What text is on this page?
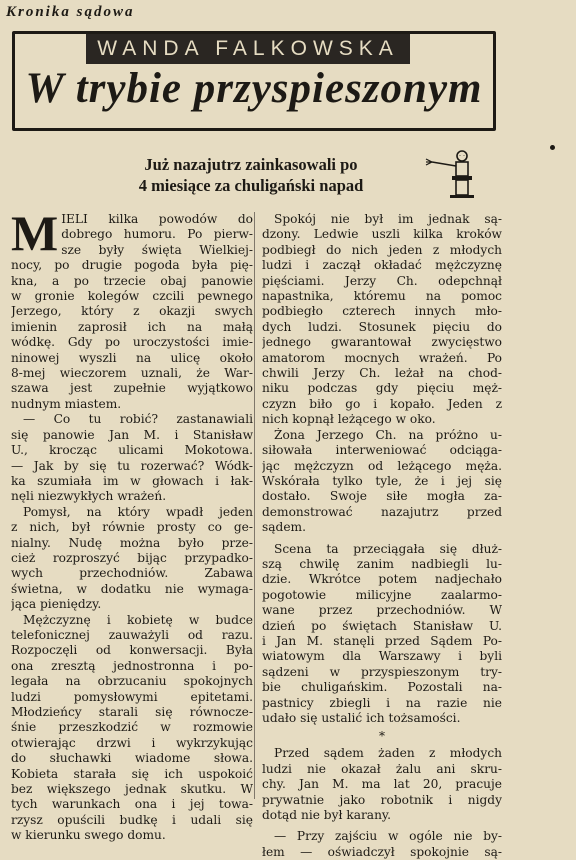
Kronika sądowa
WANDA FALKOWSKA
W trybie przyspieszonym
Już nazajutrz zainkasowali po
4 miesiące za chuligański napad
M IELI kilka powodów do
dobrego humoru. Po pierw-
sze były święta Wielkiej-
nocy, po drugie pogoda była pię-
kna, a po trzecie obaj panowie
w gronie kolegów czcili pewnego
Jerzego, który z okazji swych
imienin zaprosił ich na małą
wódkę. Gdy po uroczystości imie-
ninowej wyszli na ulicę około
8-mej wieczorem uznali, że War-
szawa jest zupełnie wyjątkowo
nudnym miastem.
— Co tu robić? zastanawiali
się panowie Jan M. i Stanisław
U., krocząc ulicami Mokotowa.
— Jak by się tu rozerwać? Wódk-
ka szumiała im w głowach i łak-
nęli niezwykłych wrażeń.
Pomysł, na który wpadł jeden
z nich, był równie prosty co ge-
nialny. Nudę można było prze-
cież rozproszyć bijąc przypadko-
wych przechodniów. Zabawa
świetna, w dodatku nie wymaga-
jąca pieniędzy.
Mężczyznę i kobietę w budce
telefonicznej zauważyli od razu.
Rozpoczęli od konwersacji. Była
ona zresztą jednostronna i po-
legała na obrzucaniu spokojnych
ludzi pomysłowymi epitetami.
Młodzieńcy starali się równocze-
śnie przeszkodzić w rozmowie
otwierając drzwi i wykrzykując
do słuchawki wiadome słowa.
Kobieta starała się ich uspokoić
bez większego jednak skutku. W
tych warunkach ona i jej towa-
rzysz opuścili budkę i udali się
w kierunku swego domu.
Spokój nie był im jednak są-
dzony. Ledwie uszli kilka kroków
podbiegł do nich jeden z młodych
ludzi i zaczął okładać mężczyznę
pięściami. Jerzy Ch. odepchnął
napastnika, któremu na pomoc
podbiegło czterech innych mło-
dych ludzi. Stosunek pięciu do
jednego gwarantował zwycięstwo
amatorom mocnych wrażeń. Po
chwili Jerzy Ch. leżał na chod-
niku podczas gdy pięciu męż-
czyzn biło go i kopało. Jeden z
nich kopnął leżącego w oko.
Żona Jerzego Ch. na próżno u-
siłowała interweniować odciąga-
jąc mężczyzn od leżącego męża.
Wskórała tylko tyle, że i jej się
dostało. Swoje siłe mogła za-
demonstrować nazajutrz przed
sądem.
Scena ta przeciągała się dłuż-
szą chwilę zanim nadbiegli lu-
dzie. Wkrótce potem nadjechało
pogotowie milicyjne zaalarmo-
wane przez przechodniów. W
dzień po świętach Stanisław U.
i Jan M. stanęli przed Sądem Po-
wiatowym dla Warszawy i byli
sądzeni w przyspieszonym try-
bie chuligańskim. Pozostali na-
pastnicy zbiegli i na razie nie
udało się ustalić ich tożsamości.
*
Przed sądem żaden z młodych
ludzi nie okazał żalu ani skru-
chy. Jan M. ma lat 20, pracuje
prywatnie jako robotnik i nigdy
dotąd nie był karany.
— Przy zajściu w ogóle nie by-
łem — oświadczył spokojnie są-
